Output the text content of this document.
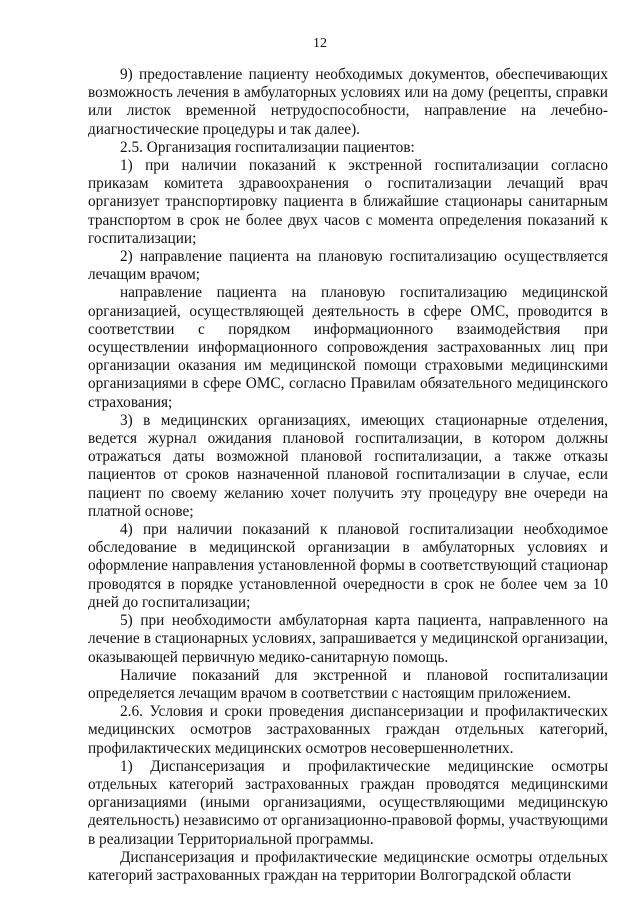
12

9) предоставление пациенту необходимых документов, обеспечивающих возможность лечения в амбулаторных условиях или на дому (рецепты, справки или листок временной нетрудоспособности, направление на лечебно-диагностические процедуры и так далее).

2.5. Организация госпитализации пациентов:

1) при наличии показаний к экстренной госпитализации согласно приказам комитета здравоохранения о госпитализации лечащий врач организует транспортировку пациента в ближайшие стационары санитарным транспортом в срок не более двух часов с момента определения показаний к госпитализации;

2) направление пациента на плановую госпитализацию осуществляется лечащим врачом;

направление пациента на плановую госпитализацию медицинской организацией, осуществляющей деятельность в сфере ОМС, проводится в соответствии с порядком информационного взаимодействия при осуществлении информационного сопровождения застрахованных лиц при организации оказания им медицинской помощи страховыми медицинскими организациями в сфере ОМС, согласно Правилам обязательного медицинского страхования;

3) в медицинских организациях, имеющих стационарные отделения, ведется журнал ожидания плановой госпитализации, в котором должны отражаться даты возможной плановой госпитализации, а также отказы пациентов от сроков назначенной плановой госпитализации в случае, если пациент по своему желанию хочет получить эту процедуру вне очереди на платной основе;

4) при наличии показаний к плановой госпитализации необходимое обследование в медицинской организации в амбулаторных условиях и оформление направления установленной формы в соответствующий стационар проводятся в порядке установленной очередности в срок не более чем за 10 дней до госпитализации;

5) при необходимости амбулаторная карта пациента, направленного на лечение в стационарных условиях, запрашивается у медицинской организации, оказывающей первичную медико-санитарную помощь.

Наличие показаний для экстренной и плановой госпитализации определяется лечащим врачом в соответствии с настоящим приложением.

2.6. Условия и сроки проведения диспансеризации и профилактических медицинских осмотров застрахованных граждан отдельных категорий, профилактических медицинских осмотров несовершеннолетних.

1) Диспансеризация и профилактические медицинские осмотры отдельных категорий застрахованных граждан проводятся медицинскими организациями (иными организациями, осуществляющими медицинскую деятельность) независимо от организационно-правовой формы, участвующими в реализации Территориальной программы.

Диспансеризация и профилактические медицинские осмотры отдельных категорий застрахованных граждан на территории Волгоградской области
